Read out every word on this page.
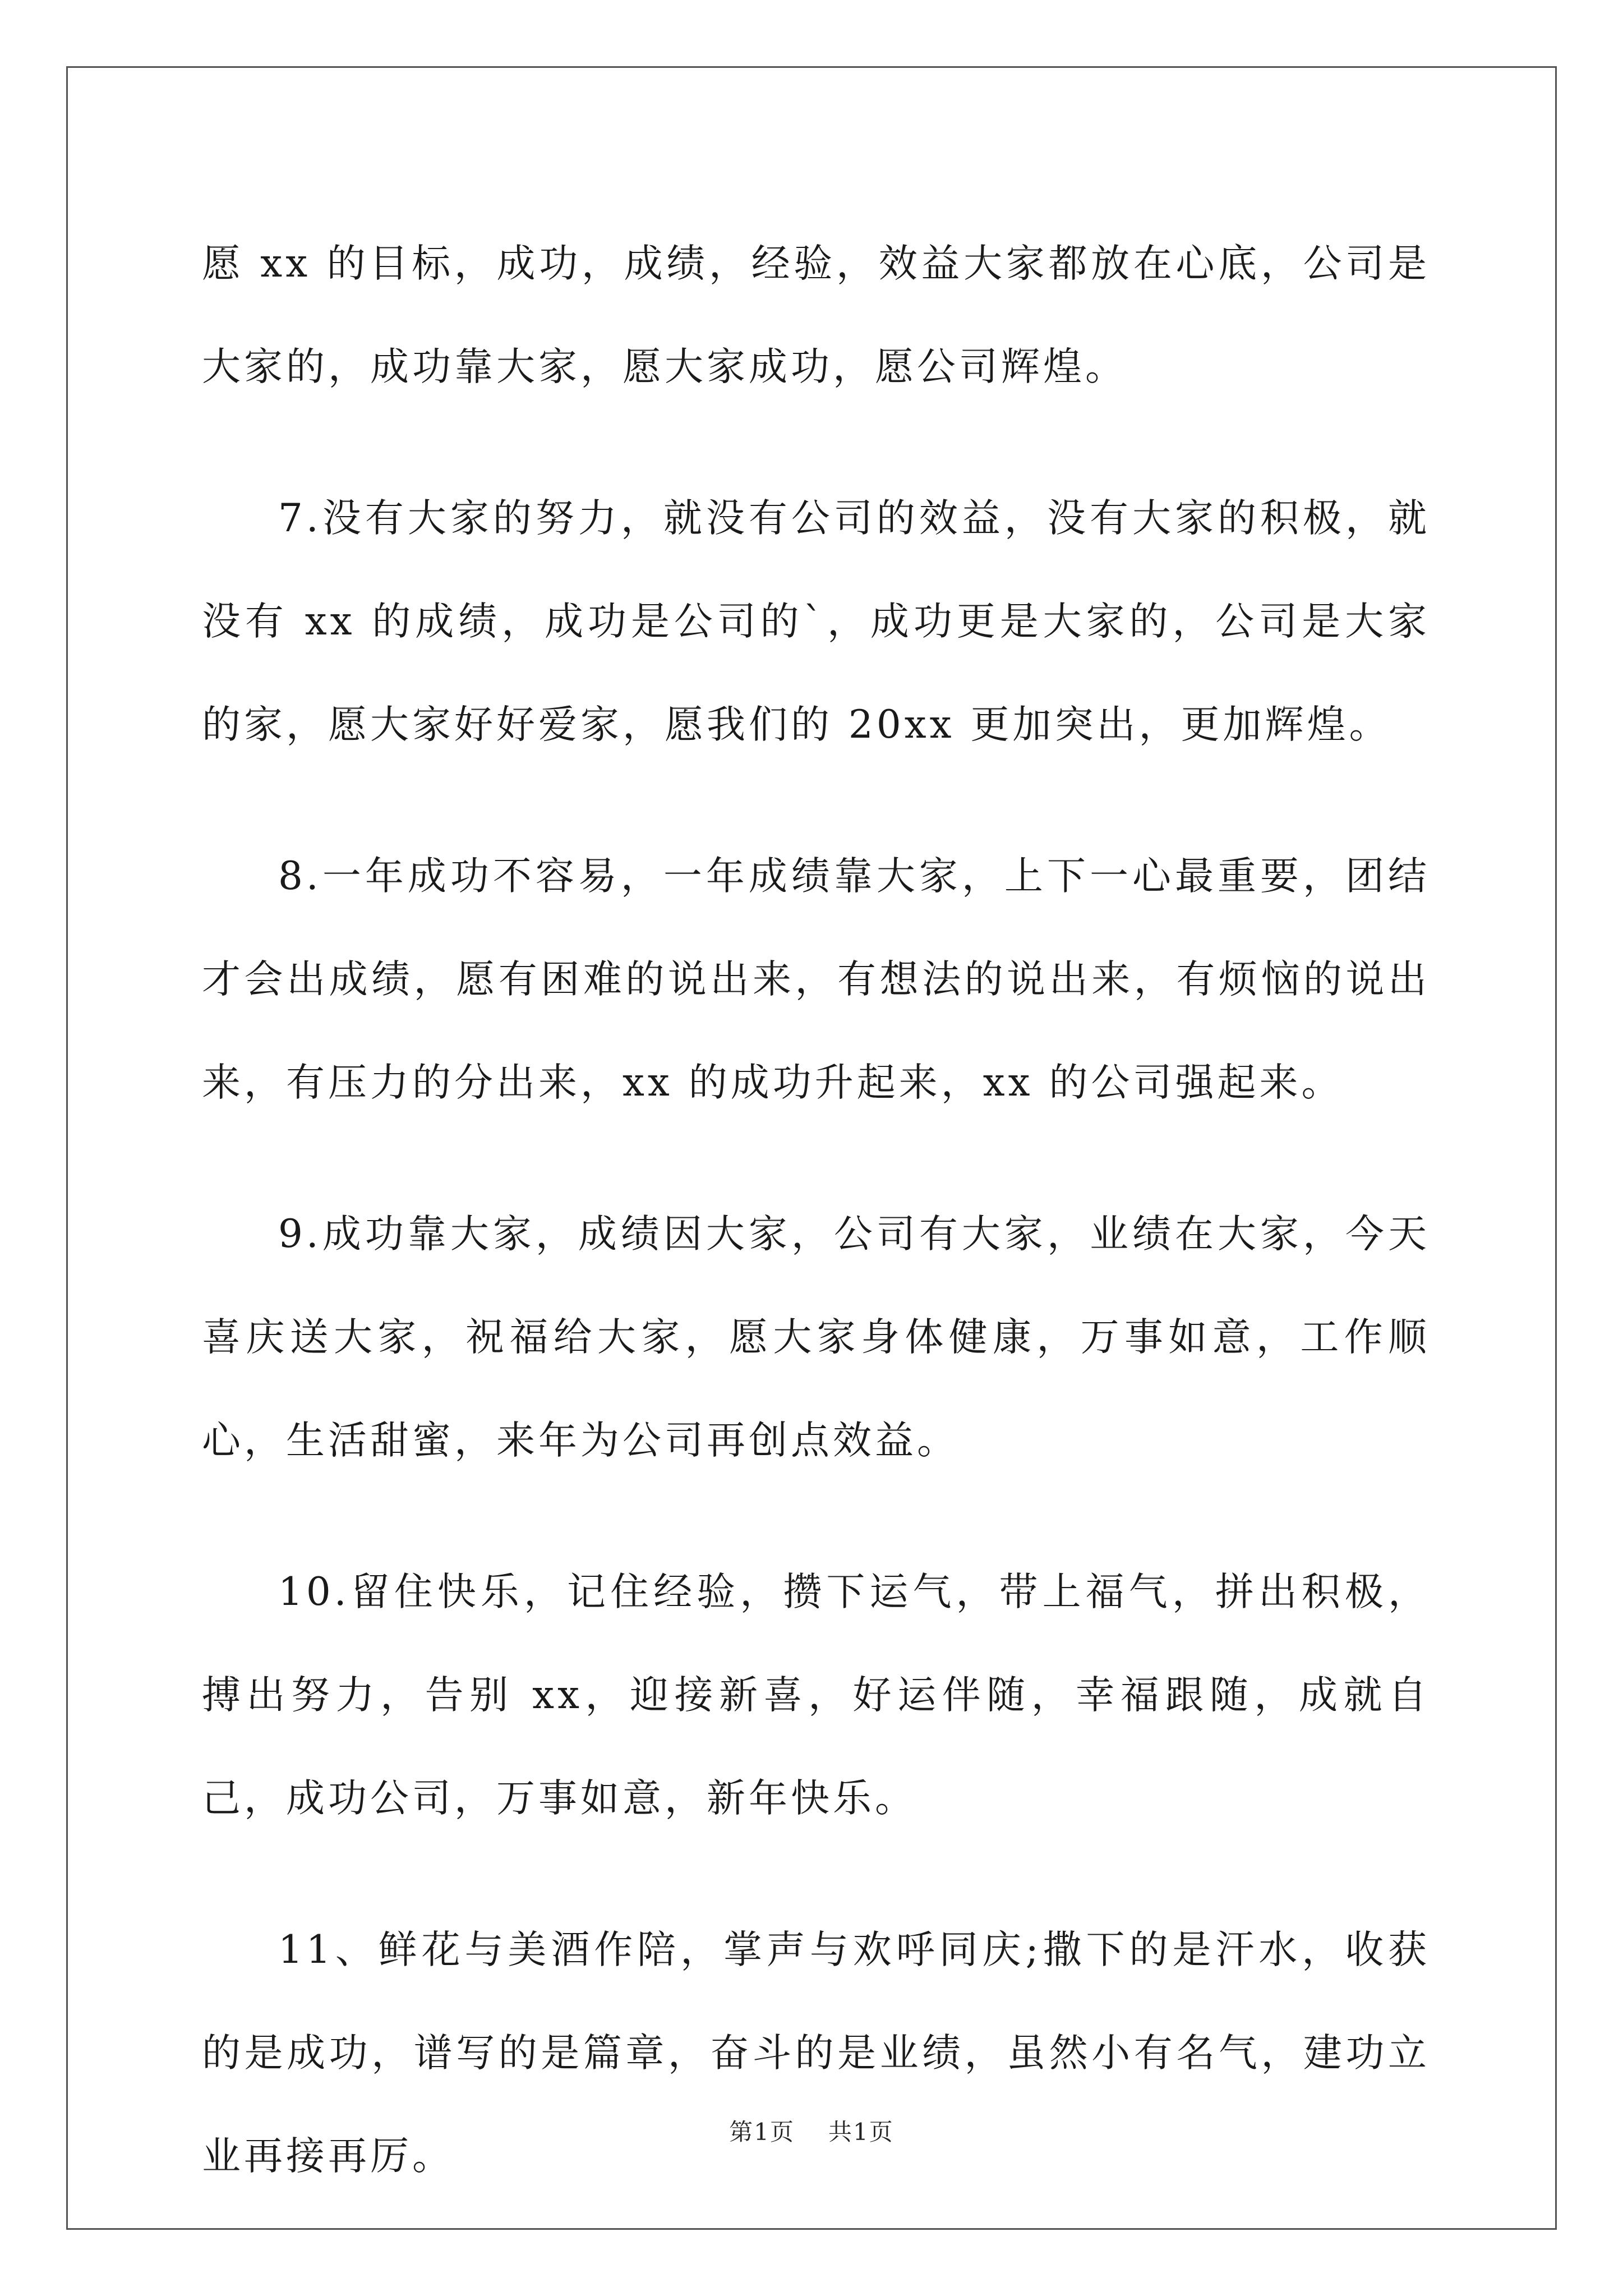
愿 xx 的目标，成功，成绩，经验，效益大家都放在心底，公司是大家的，成功靠大家，愿大家成功，愿公司辉煌。

7.没有大家的努力，就没有公司的效益，没有大家的积极，就没有 xx 的成绩，成功是公司的`，成功更是大家的，公司是大家的家，愿大家好好爱家，愿我们的 20xx 更加突出，更加辉煌。

8.一年成功不容易，一年成绩靠大家，上下一心最重要，团结才会出成绩，愿有困难的说出来，有想法的说出来，有烦恼的说出来，有压力的分出来，xx 的成功升起来，xx 的公司强起来。

9.成功靠大家，成绩因大家，公司有大家，业绩在大家，今天喜庆送大家，祝福给大家，愿大家身体健康，万事如意，工作顺心，生活甜蜜，来年为公司再创点效益。

10.留住快乐，记住经验，攒下运气，带上福气，拼出积极，搏出努力，告别 xx，迎接新喜，好运伴随，幸福跟随，成就自己，成功公司，万事如意，新年快乐。

11、鲜花与美酒作陪，掌声与欢呼同庆;撒下的是汗水，收获的是成功，谱写的是篇章，奋斗的是业绩，虽然小有名气，建功立业再接再厉。

第1页 共1页
